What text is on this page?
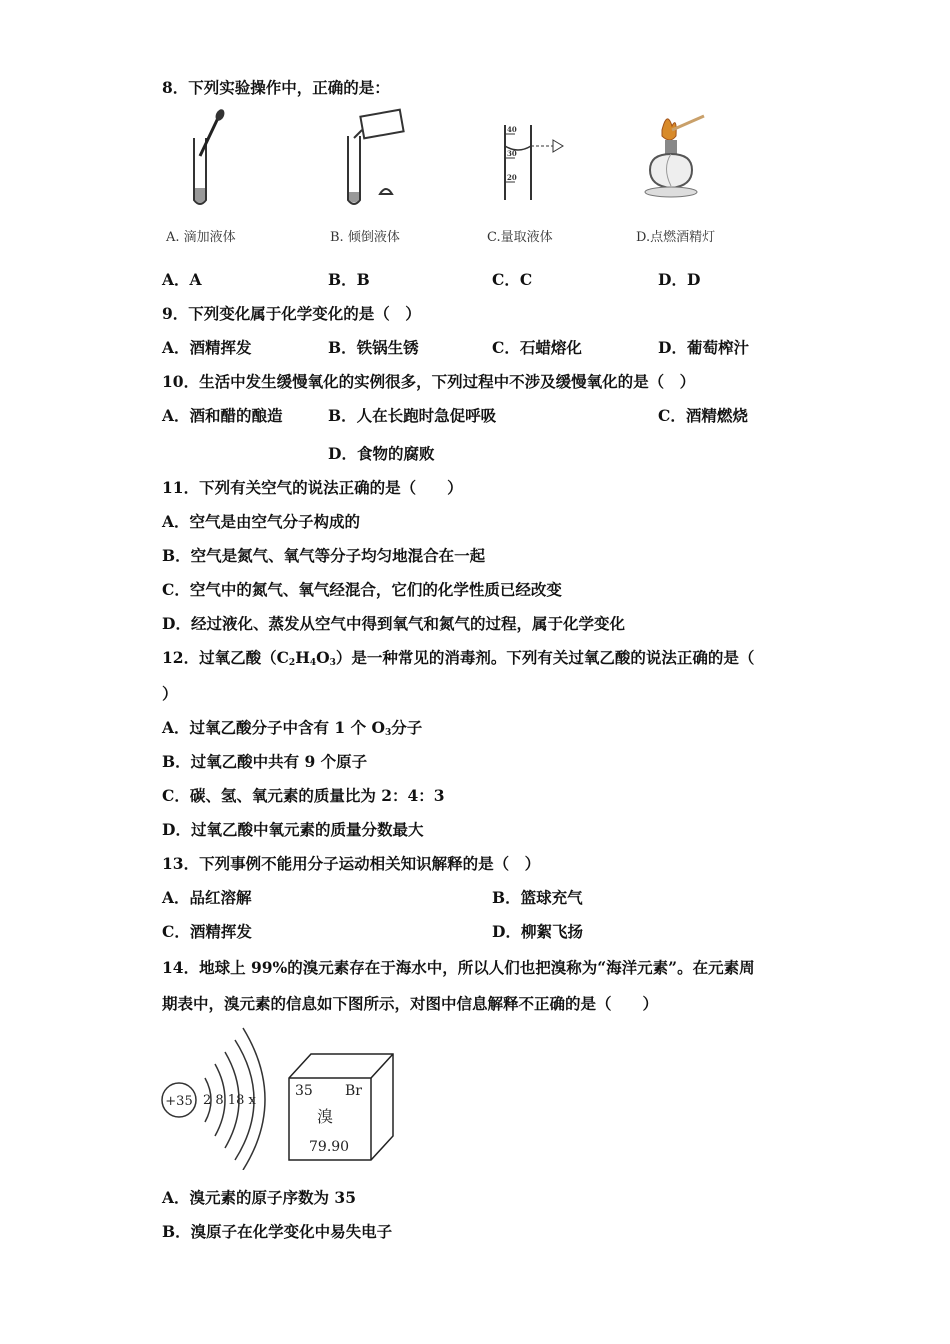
8．下列实验操作中，正确的是：
40
30
20
A. 滴加液体	B. 倾倒液体	C.量取液体	D.点燃酒精灯
A．A	B．B	C．C	D．D
9．下列变化属于化学变化的是（　）
A．酒精挥发	B．铁锅生锈	C．石蜡熔化	D．葡萄榨汁
10．生活中发生缓慢氧化的实例很多，下列过程中不涉及缓慢氧化的是（　）
A．酒和醋的酿造	B．人在长跑时急促呼吸	C．酒精燃烧
D．食物的腐败
11．下列有关空气的说法正确的是（　　）
A．空气是由空气分子构成的
B．空气是氮气、氧气等分子均匀地混合在一起
C．空气中的氮气、氧气经混合，它们的化学性质已经改变
D．经过液化、蒸发从空气中得到氧气和氮气的过程，属于化学变化
12．过氧乙酸$(C_2H_4O_3)$是一种常见的消毒剂。下列有关过氧乙酸的说法正确的是（
）
A．过氧乙酸分子中含有 1 个 $O_3$分子
B．过氧乙酸中共有 9 个原子
C．碳、氢、氧元素的质量比为 2：4：3
D．过氧乙酸中氧元素的质量分数最大
13．下列事例不能用分子运动相关知识解释的是（　）
A．品红溶解	B．篮球充气
C．酒精挥发	D．柳絮飞扬
14．地球上 99%的溴元素存在于海水中，所以人们也把溴称为“海洋元素”。在元素周
期表中，溴元素的信息如下图所示，对图中信息解释不正确的是（　　）
+35 2 8 18 x
35 Br
溴
79.90
A．溴元素的原子序数为 35
B．溴原子在化学变化中易失电子
